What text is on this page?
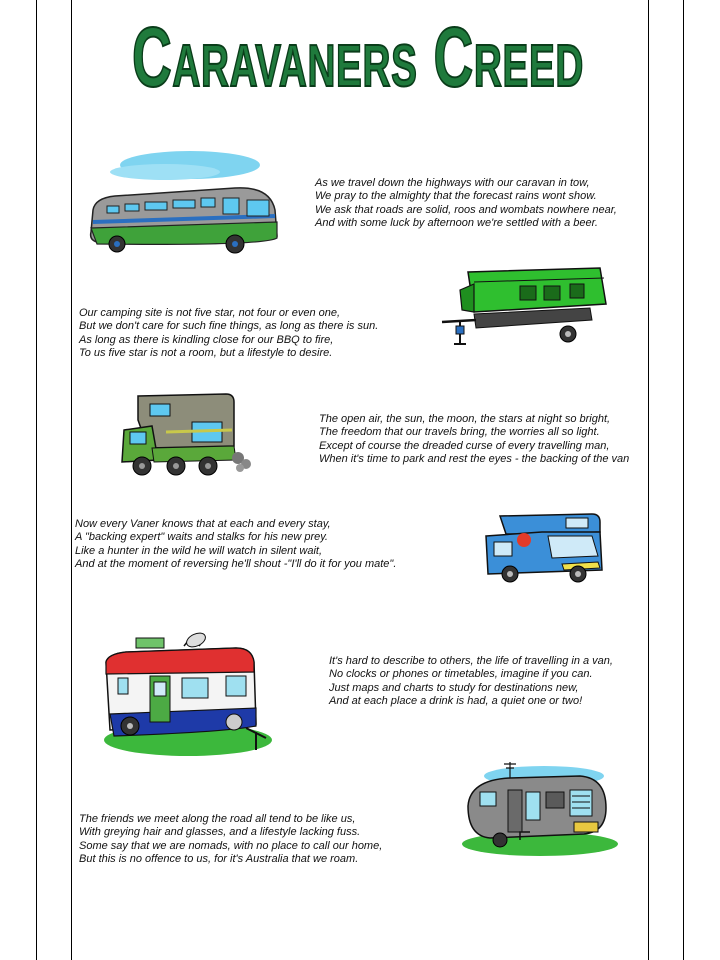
Caravaners Creed

As we travel down the highways with our caravan in tow,
We pray to the almighty that the forecast rains wont show.
We ask that roads are solid, roos and wombats nowhere near,
And with some luck by afternoon we're settled with a beer.

Our camping site is not five star, not four or even one,
But we don't care for such fine things, as long as there is sun.
As long as there is kindling close for our BBQ to fire,
To us five star is not a room, but a lifestyle to desire.

The open air, the sun, the moon, the stars at night so bright,
The freedom that our travels bring, the worries all so light.
Except of course the dreaded curse of every travelling man,
When it's time to park and rest the eyes - the backing of the van

Now every Vaner knows that at each and every stay,
A "backing expert" waits and stalks for his new prey.
Like a hunter in the wild he will watch in silent wait,
And at the moment of reversing he'll shout -"I'll do it for you mate".

It's hard to describe to others, the life of travelling in a van,
No clocks or phones or timetables, imagine if you can.
Just maps and charts to study for destinations new,
And at each place a drink is had, a quiet one or two!

The friends we meet along the road all tend to be like us,
With greying hair and glasses, and a lifestyle lacking fuss.
Some say that we are nomads, with no place to call our home,
But this is no offence to us, for it's Australia that we roam.
